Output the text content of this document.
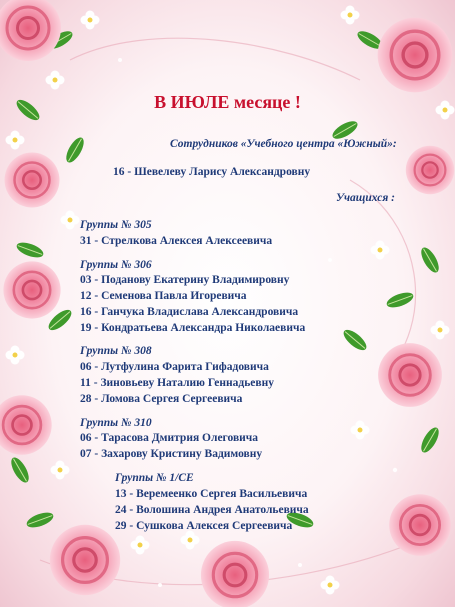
В ИЮЛЕ месяце !
Сотрудников «Учебного центра «Южный»:
16 - Шевелеву Ларису Александровну
Учащихся :
Группы № 305
31 - Стрелкова Алексея Алексеевича
Группы № 306
03 - Поданову Екатерину Владимировну
12 - Семенова Павла Игоревича
16 - Ганчука Владислава Александровича
19 - Кондратьева Александра Николаевича
Группы № 308
06 - Лутфулина Фарита Гифадовича
11 - Зиновьеву Наталию Геннадьевну
28 - Ломова Сергея Сергеевича
Группы № 310
06 - Тарасова Дмитрия Олеговича
07 - Захарову Кристину Вадимовну
Группы № 1/СЕ
13 - Веремеенко Сергея Васильевича
24 - Волошина Андрея Анатольевича
29 - Сушкова Алексея Сергеевича
